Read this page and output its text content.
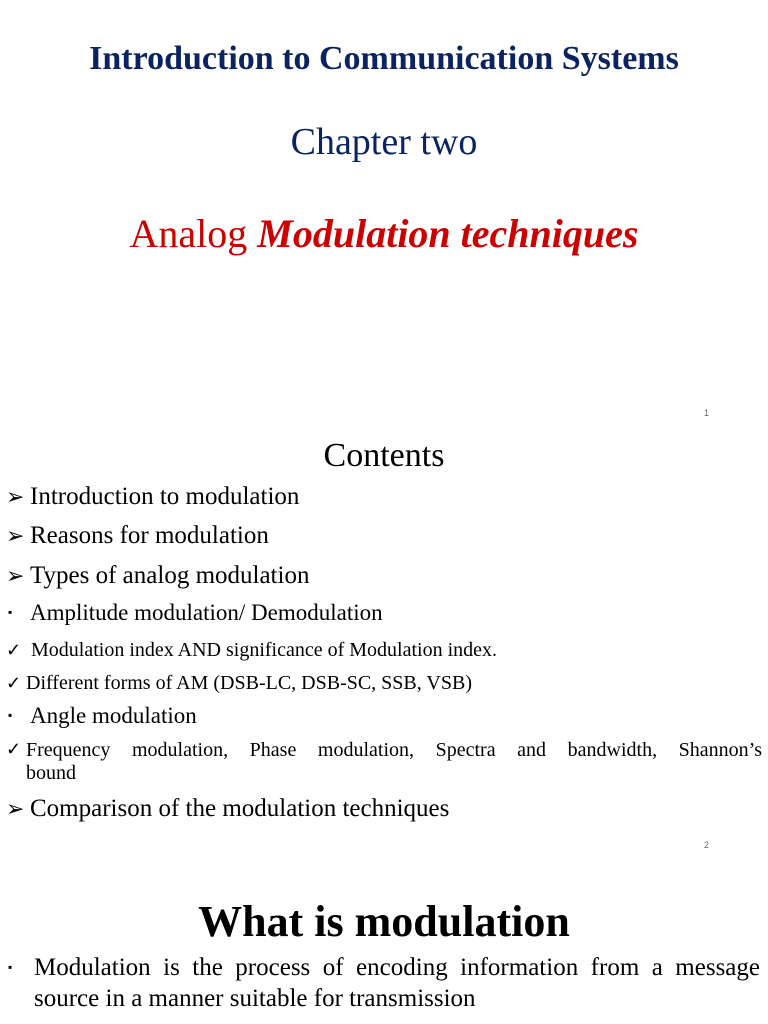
Introduction to Communication Systems
Chapter two
Analog Modulation techniques
1
Contents
➢ Introduction to modulation
➢ Reasons for modulation
➢ Types of analog modulation
▪ Amplitude modulation/ Demodulation
✓ Modulation index AND significance of Modulation index.
✓ Different forms of AM (DSB-LC, DSB-SC, SSB, VSB)
▪ Angle modulation
✓ Frequency modulation, Phase modulation, Spectra and bandwidth, Shannon’s
bound
➢ Comparison of the modulation techniques
2
What is modulation
▪ Modulation is the process of encoding information from a message source in a manner suitable for transmission
